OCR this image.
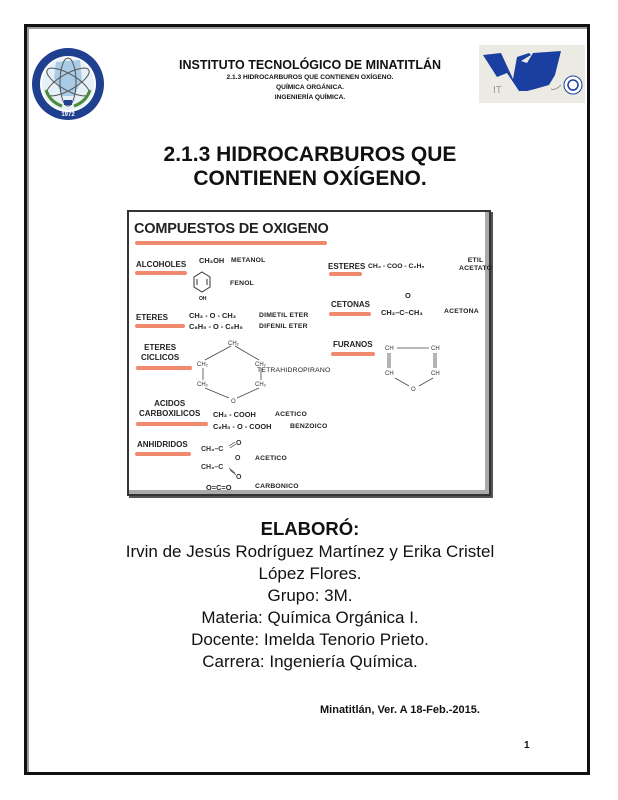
1972
IT
INSTITUTO TECNOLÓGICO DE MINATITLÁN
2.1.3 HIDROCARBUROS QUE CONTIENEN OXÍGENO.
QUÍMICA ORGÁNICA.
INGENIERÍA QUÍMICA.
2.1.3 HIDROCARBUROS QUE
CONTIENEN OXÍGENO.
COMPUESTOS DE OXIGENO
ALCOHOLES CH₃OH METANOL
OH
FENOL
ETERES	CH₃ - O - CH₃	DIMETIL ETER
C₆H₅ - O - C₆H₅ DIFENIL ETER
ETERES
CICLICOS
CH₂
CH₂	CH₂
CH₂	CH₂
O
TETRAHIDROPIRANO
ACIDOS
CARBOXILICOS CH₃ - COOH	ACETICO
C₆H₅ - O - COOH	BENZOICO
ANHIDRIDOS
CH₃–C
O
O
CH₃–C
O
ACETICO
O=C=O	CARBONICO
ESTERES CH₃ - COO - C₂H₅
ETIL
ACETATO
CETONAS
O
CH₃–C–CH₃	ACETONA
FURANOS CH	CH
CH	CH
O
ELABORÓ:
Irvin de Jesús Rodríguez Martínez y Erika Cristel
López Flores.
Grupo: 3M.
Materia: Química Orgánica I.
Docente: Imelda Tenorio Prieto.
Carrera: Ingeniería Química.
Minatitlán, Ver. A 18-Feb.-2015.
1
